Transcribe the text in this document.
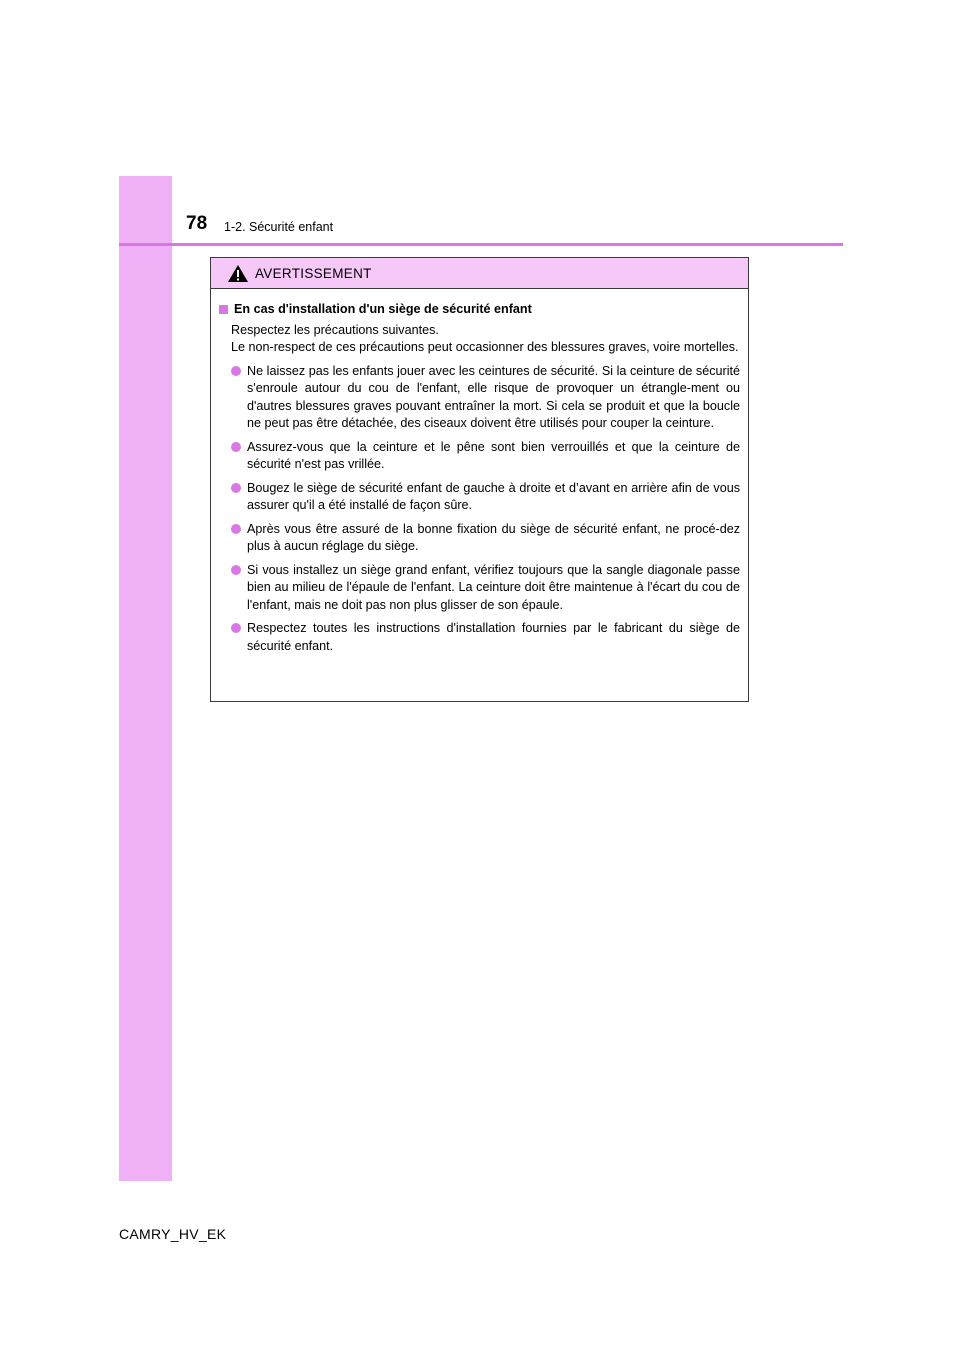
78 1-2. Sécurité enfant
AVERTISSEMENT
En cas d'installation d'un siège de sécurité enfant
Respectez les précautions suivantes.
Le non-respect de ces précautions peut occasionner des blessures graves, voire mortelles.
Ne laissez pas les enfants jouer avec les ceintures de sécurité. Si la ceinture de sécurité s'enroule autour du cou de l'enfant, elle risque de provoquer un étrangle-ment ou d'autres blessures graves pouvant entraîner la mort. Si cela se produit et que la boucle ne peut pas être détachée, des ciseaux doivent être utilisés pour couper la ceinture.
Assurez-vous que la ceinture et le pêne sont bien verrouillés et que la ceinture de sécurité n'est pas vrillée.
Bougez le siège de sécurité enfant de gauche à droite et d’avant en arrière afin de vous assurer qu'il a été installé de façon sûre.
Après vous être assuré de la bonne fixation du siège de sécurité enfant, ne procé-dez plus à aucun réglage du siège.
Si vous installez un siège grand enfant, vérifiez toujours que la sangle diagonale passe bien au milieu de l'épaule de l'enfant. La ceinture doit être maintenue à l'écart du cou de l'enfant, mais ne doit pas non plus glisser de son épaule.
Respectez toutes les instructions d'installation fournies par le fabricant du siège de sécurité enfant.
CAMRY_HV_EK
